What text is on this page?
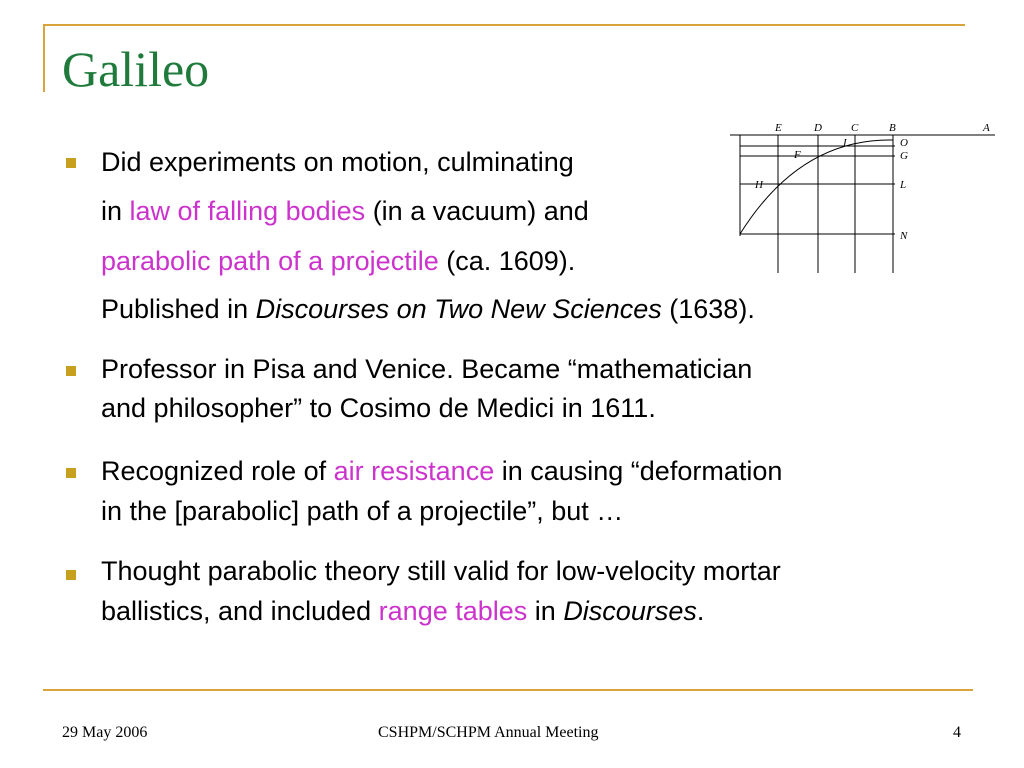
Galileo
Did experiments on motion, culminating
in law of falling bodies (in a vacuum) and
parabolic path of a projectile (ca. 1609).
Published in Discourses on Two New Sciences (1638).
Professor in Pisa and Venice. Became “mathematician
and philosopher” to Cosimo de Medici in 1611.
Recognized role of air resistance in causing “deformation
in the [parabolic] path of a projectile”, but …
Thought parabolic theory still valid for low-velocity mortar
ballistics, and included range tables in Discourses.
E	D	C	B	A
I
F
H
O
G
L
N
29 May 2006	CSHPM/SCHPM Annual Meeting	4
